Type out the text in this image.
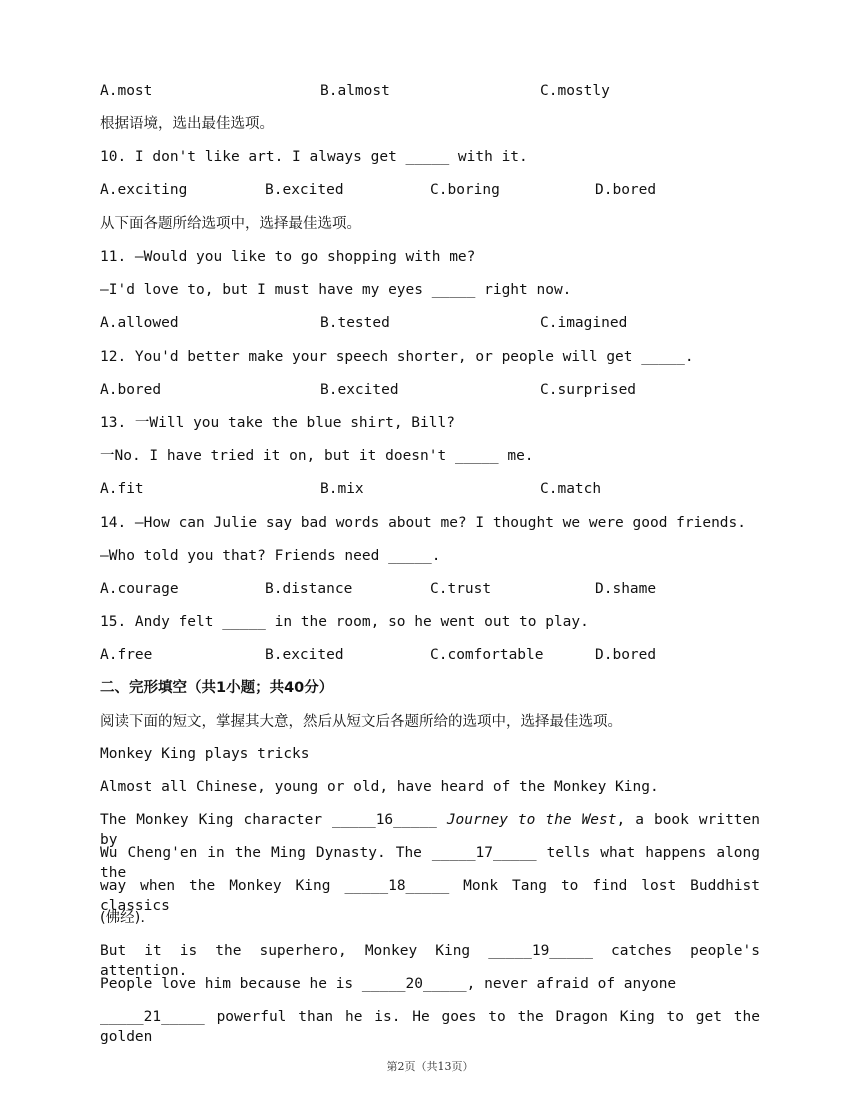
A.most	B.almost	C.mostly
根据语境，选出最佳选项。
10. I don't like art. I always get _____ with it.
A.exciting	B.excited	C.boring	D.bored
从下面各题所给选项中，选择最佳选项。
11. —Would you like to go shopping with me?
—I'd love to, but I must have my eyes _____ right now.
A.allowed	B.tested	C.imagined
12. You'd better make your speech shorter, or people will get _____.
A.bored	B.excited	C.surprised
13. 一Will you take the blue shirt, Bill?
一No. I have tried it on, but it doesn't _____ me.
A.fit	B.mix	C.match
14. —How can Julie say bad words about me? I thought we were good friends.
—Who told you that? Friends need _____.
A.courage	B.distance	C.trust	D.shame
15. Andy felt _____ in the room, so he went out to play.
A.free	B.excited	C.comfortable	D.bored
二、完形填空（共1小题；共40分）
阅读下面的短文，掌握其大意，然后从短文后各题所给的选项中，选择最佳选项。
Monkey King plays tricks
Almost all Chinese, young or old, have heard of the Monkey King.
The Monkey King character _____16_____ Journey to the West, a book written by
Wu Cheng'en in the Ming Dynasty. The _____17_____ tells what happens along the
way when the Monkey King _____18_____ Monk Tang to find lost Buddhist classics
(佛经).
But it is the superhero, Monkey King _____19_____ catches people's attention.
People love him because he is _____20_____, never afraid of anyone
_____21_____ powerful than he is. He goes to the Dragon King to get the golden
第2页（共13页）
